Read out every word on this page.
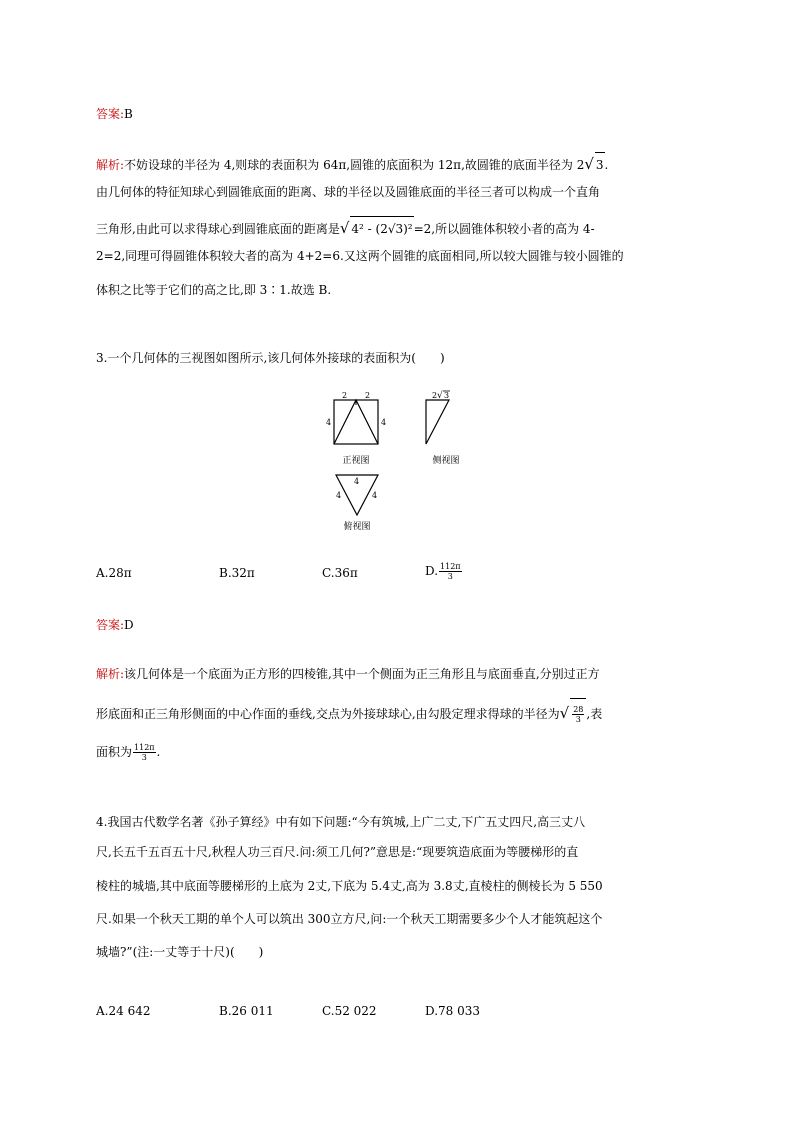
答案:B
解析:不妨设球的半径为 4,则球的表面积为 64π,圆锥的底面积为 12π,故圆锥的底面半径为 2√ 3.
由几何体的特征知球心到圆锥底面的距离、球的半径以及圆锥底面的半径三者可以构成一个直角
三角形,由此可以求得球心到圆锥底面的距离是√ 4² - (2√3)²=2,所以圆锥体积较小者的高为 4-
2=2,同理可得圆锥体积较大者的高为 4+2=6.又这两个圆锥的底面相同,所以较大圆锥与较小圆锥的
体积之比等于它们的高之比,即 3∶1.故选 B.
3.一个几何体的三视图如图所示,该几何体外接球的表面积为(　　)
2 2
4	4
正视图
2 √ 3
侧视图
4
4	4
俯视图
A.28π	B.32π	C.36π	D. $\frac{112\pi}{3}$
答案:D
解析:该几何体是一个底面为正方形的四棱锥,其中一个侧面为正三角形且与底面垂直,分别过正方
形底面和正三角形侧面的中心作面的垂线,交点为外接球球心,由勾股定理求得球的半径为√ $\frac{28}{3}$ ,表
面积为 $\frac{112\pi}{3}$ .
4.我国古代数学名著《孙子算经》中有如下问题:“今有筑城,上广二丈,下广五丈四尺,高三丈八
尺,长五千五百五十尺,秋程人功三百尺.问:须工几何?”意思是:“现要筑造底面为等腰梯形的直
棱柱的城墙,其中底面等腰梯形的上底为 2丈,下底为 5.4丈,高为 3.8丈,直棱柱的侧棱长为 5 550
尺.如果一个秋天工期的单个人可以筑出 300立方尺,问:一个秋天工期需要多少个人才能筑起这个
城墙?”(注:一丈等于十尺)(　　)
A.24 642	B.26 011	C.52 022	D.78 033
